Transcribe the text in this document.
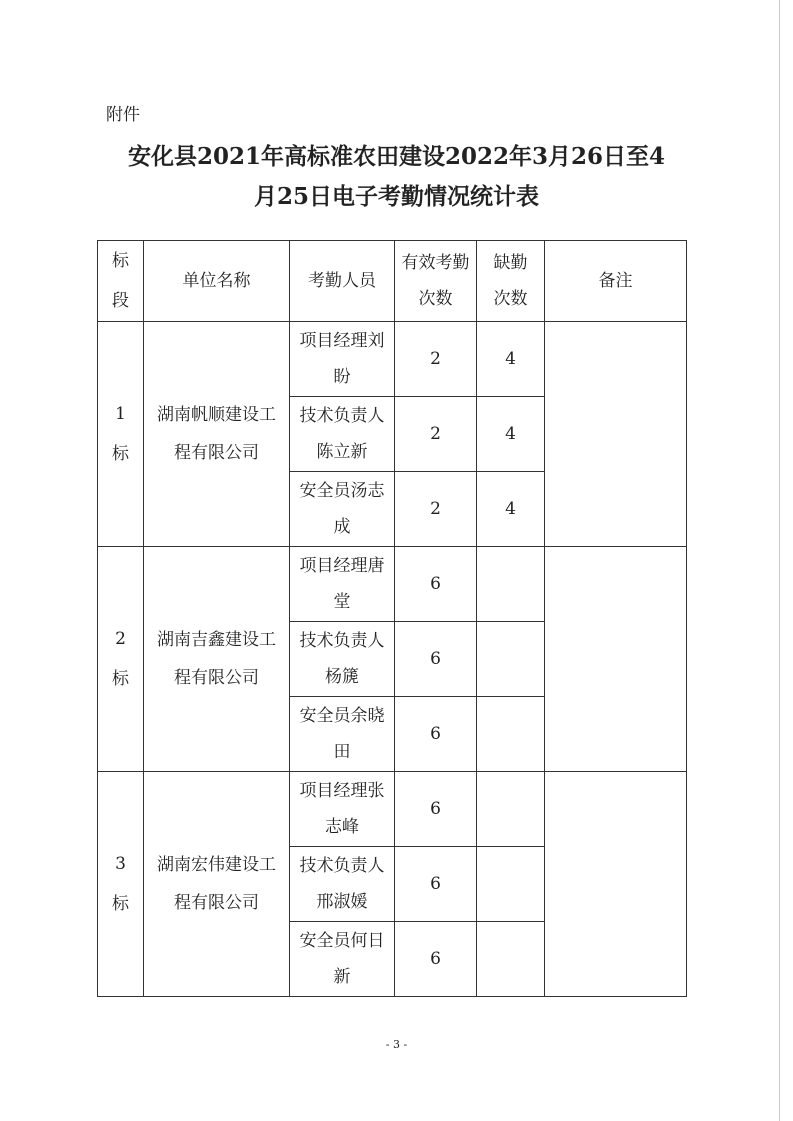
附件
安化县2021年高标准农田建设2022年3月26日至4
月25日电子考勤情况统计表
标段	单位名称	考勤人员	有效考勤次数	缺勤次数	备注
1标	湖南帆顺建设工程有限公司	项目经理刘盼	2	4	
		技术负责人陈立新	2	4	
		安全员汤志成	2	4	
2标	湖南吉鑫建设工程有限公司	项目经理唐堂	6		
		技术负责人杨篪	6		
		安全员余晓田	6		
3标	湖南宏伟建设工程有限公司	项目经理张志峰	6		
		技术负责人邢淑媛	6		
		安全员何日新	6		
- 3 -
